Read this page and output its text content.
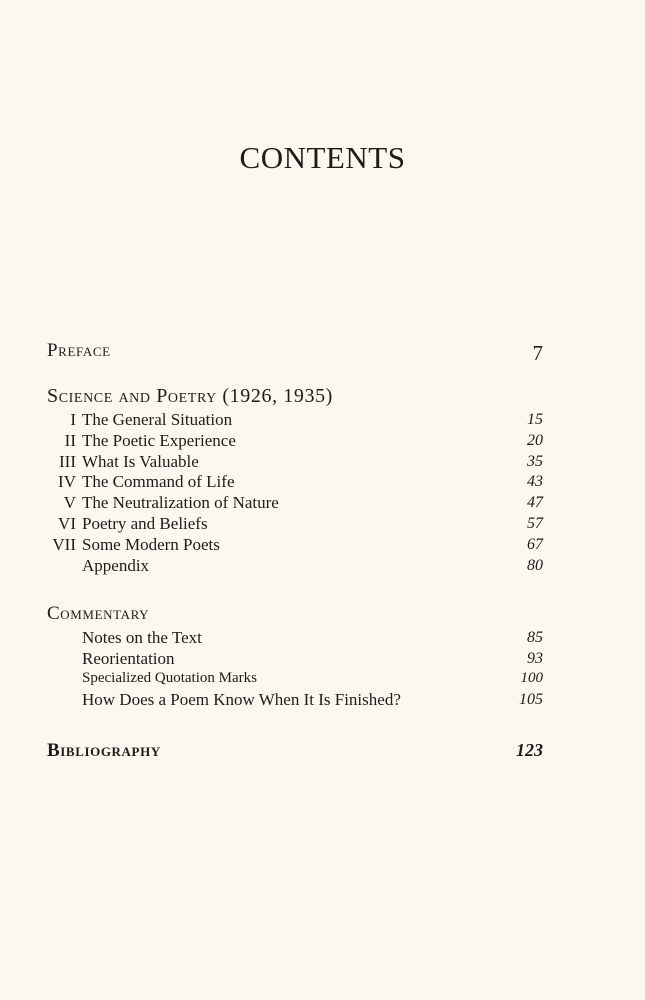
CONTENTS
Preface	7
Science and Poetry (1926, 1935)
I The General Situation	15
II The Poetic Experience	20
III What Is Valuable	35
IV The Command of Life	43
V The Neutralization of Nature	47
VI Poetry and Beliefs	57
VII Some Modern Poets	67
Appendix	80
Commentary
Notes on the Text	85
Reorientation	93
Specialized Quotation Marks	100
How Does a Poem Know When It Is Finished?	105
Bibliography	123
